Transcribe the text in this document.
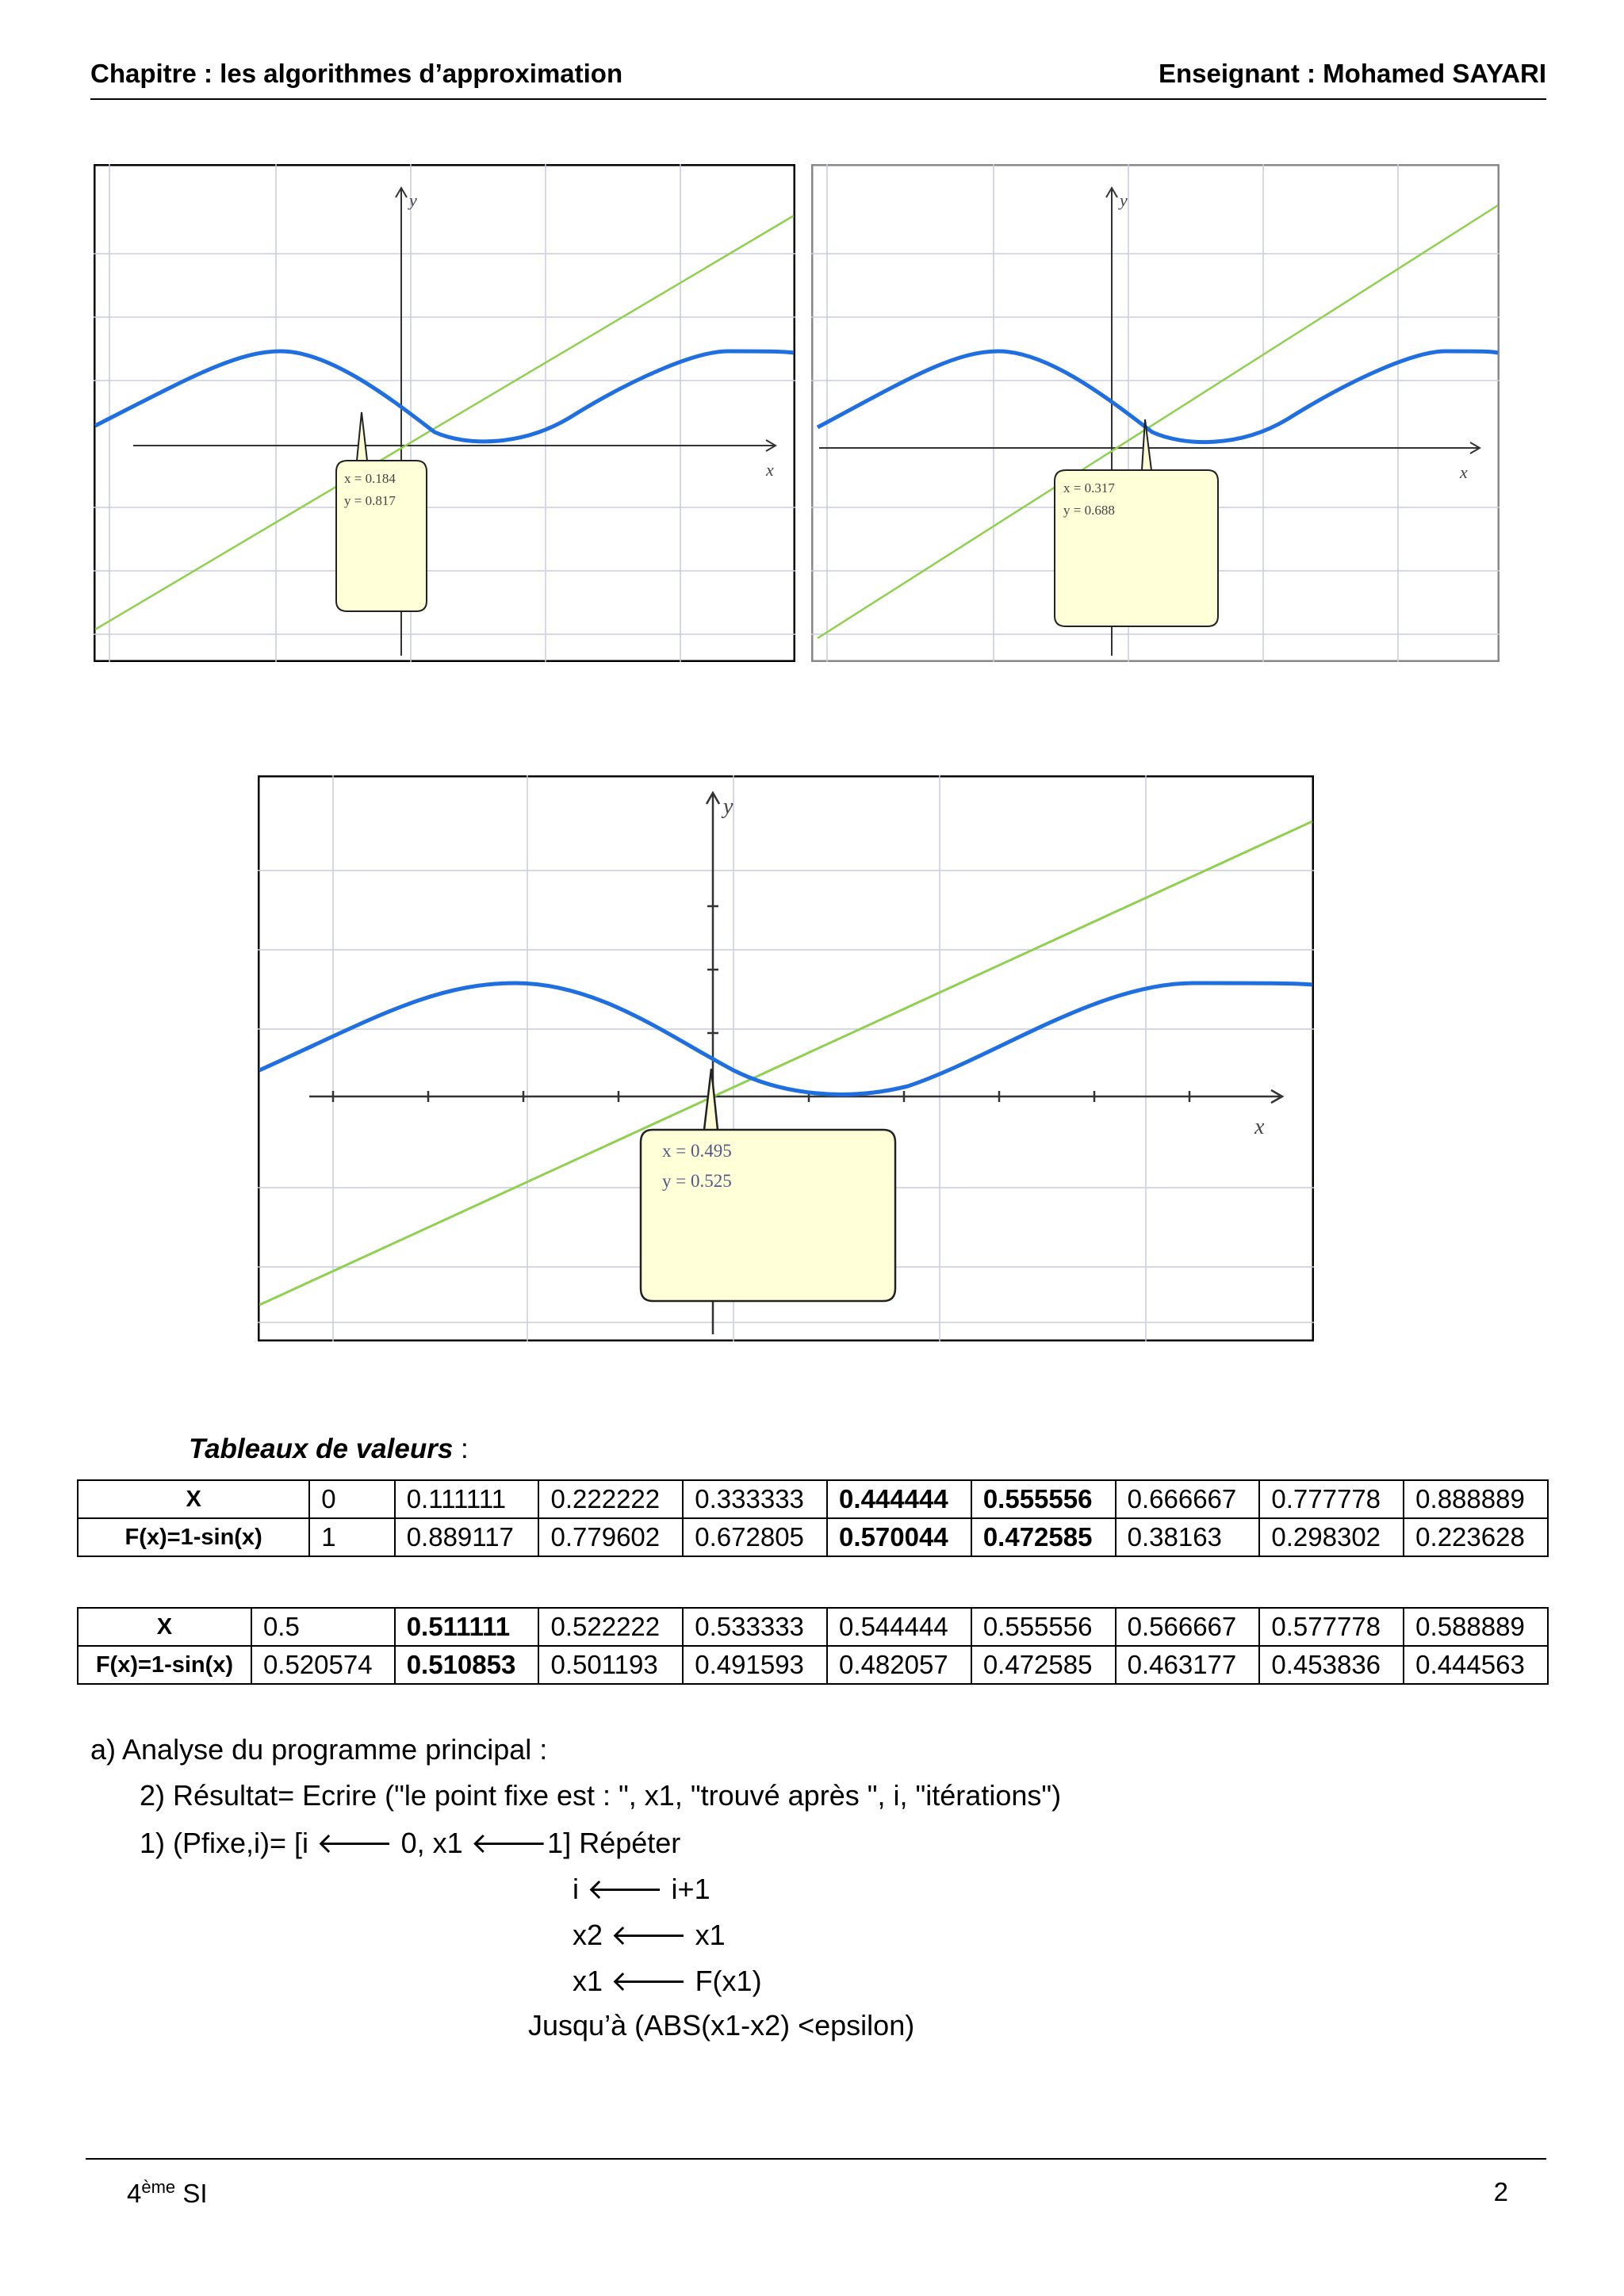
Chapitre : les algorithmes d’approximation	Enseignant : Mohamed SAYARI
x
y
x = 0.184
y = 0.817
x
y
x = 0.317
y = 0.688
x
y
x = 0.495
y = 0.525
Tableaux de valeurs :
X	0	0.111111	0.222222	0.333333	0.444444	0.555556	0.666667	0.777778	0.888889
F(x)=1-sin(x)	1	0.889117	0.779602	0.672805	0.570044	0.472585	0.38163	0.298302	0.223628
X	0.5	0.511111	0.522222	0.533333	0.544444	0.555556	0.566667	0.577778	0.588889
F(x)=1-sin(x)	0.520574	0.510853	0.501193	0.491593	0.482057	0.472585	0.463177	0.453836	0.444563
a) Analyse du programme principal :
2) Résultat= Ecrire ("le point fixe est : ", x1, "trouvé après ", i, "itérations")
1) (Pfixe,i)= [i 🡐 0, x1 🡐1] Répéter
i 🡐 i+1
x2 🡐 x1
x1 🡐 F(x1)
Jusqu’à (ABS(x1-x2) <epsilon)
4ème SI	2
